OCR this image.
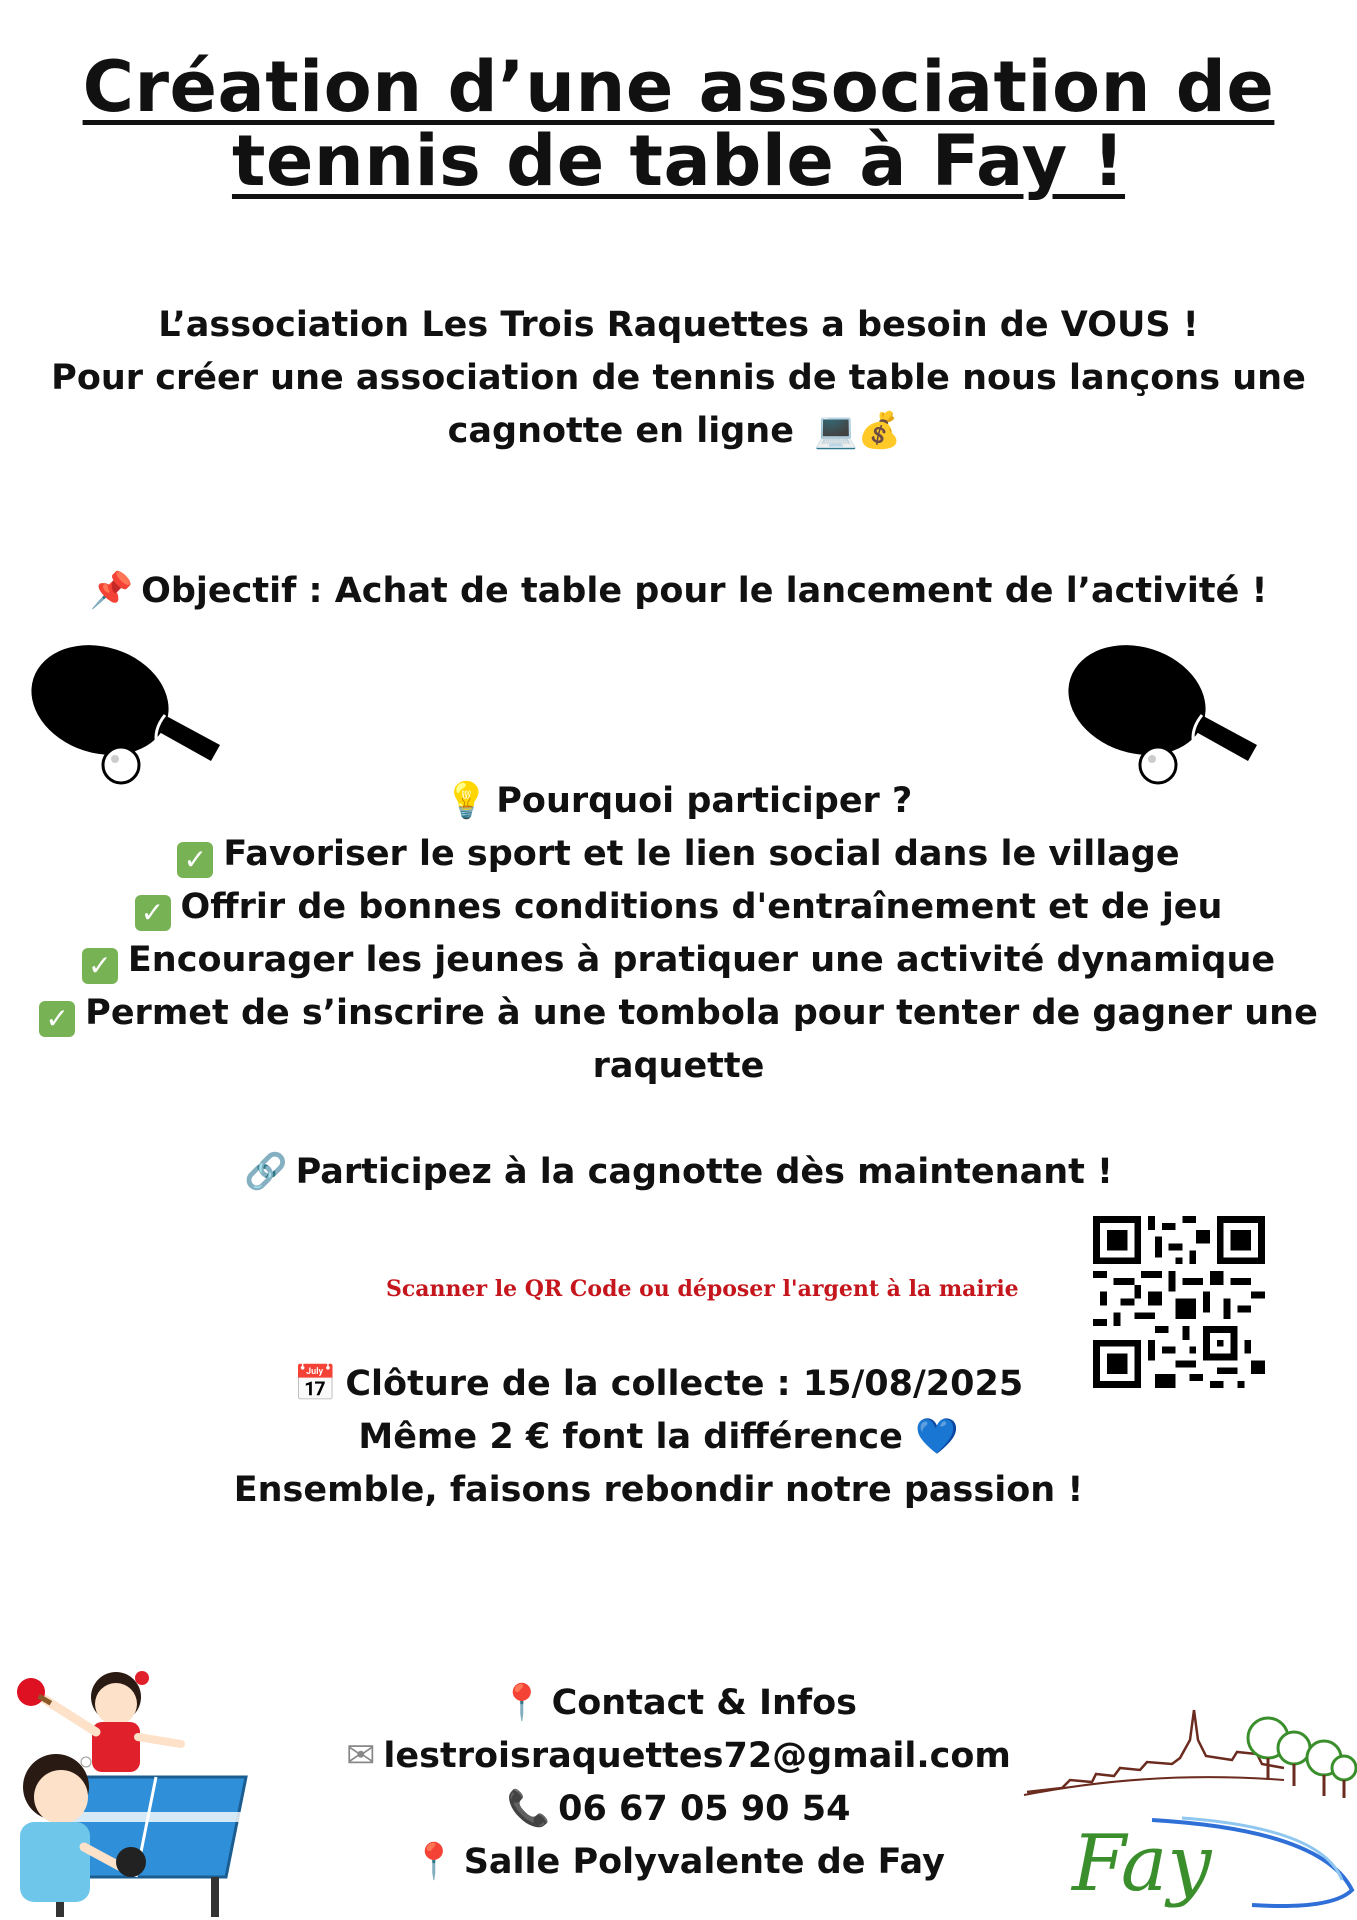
Création d’une association de
tennis de table à Fay !
L’association Les Trois Raquettes a besoin de VOUS !
Pour créer une association de tennis de table nous lançons une
cagnotte en ligne 💻💰
📌 Objectif : Achat de table pour le lancement de l’activité !
💡 Pourquoi participer ?
✓ Favoriser le sport et le lien social dans le village
✓ Offrir de bonnes conditions d'entraînement et de jeu
✓ Encourager les jeunes à pratiquer une activité dynamique
✓ Permet de s’inscrire à une tombola pour tenter de gagner une
raquette
🔗 Participez à la cagnotte dès maintenant !
Scanner le QR Code ou déposer l'argent à la mairie
📅 Clôture de la collecte : 15/08/2025
Même 2 € font la différence 💙
Ensemble, faisons rebondir notre passion !
📍 Contact & Infos
✉ lestroisraquettes72@gmail.com
📞 06 67 05 90 54
📍 Salle Polyvalente de Fay	Fay
